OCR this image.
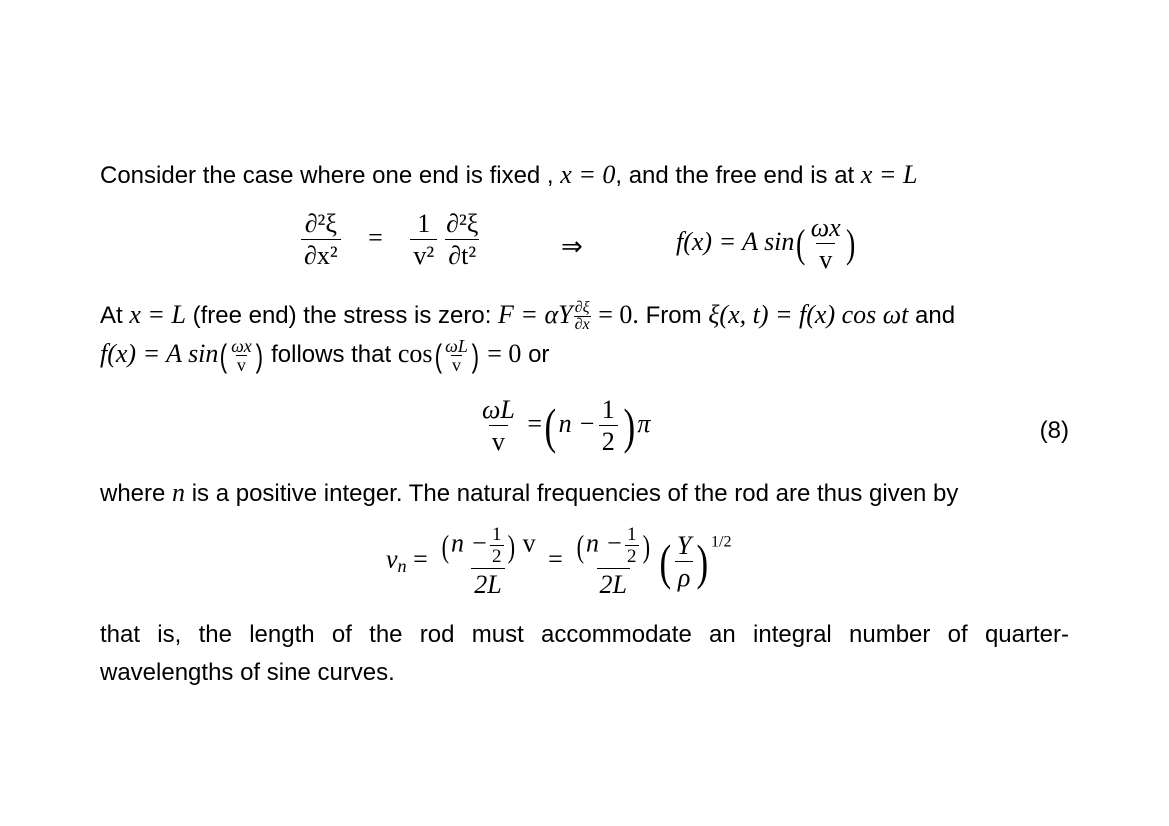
Consider the case where one end is fixed , x = 0, and the free end is at x = L
$\frac{\text{∂²ξ}}{\text{∂x²}} = \frac{1}{\text{v²}} \frac{\text{∂²ξ}}{\text{∂t²}}$	⇒	f(x) = A $\sin( \frac{\omega x}{v}$ )
At x = L (free end) the stress is zero: F = αY $\frac{\partial\xi}{\partial x} = 0$. From ξ(x, t) = f(x) cos ωt and
f(x) = A $\sin( \frac{\omega x}{v}$ ) follows that $\cos( \frac{\omega L}{v}$ ) = 0 or
$\frac{\omega L}{v} =(n - \frac{1}{2} )\pi$	(8)
where n is a positive integer. The natural frequencies of the rod are thus given by
$\nu_n = \frac{(n - \frac{1}{2} ) v}{2L} = \frac{(n - \frac{1}{2} )}{2L}$ ( $\frac{Y}{\rho}$ ) $^{1/2}$
that is, the length of the rod must accommodate an integral number of quarter-
wavelengths of sine curves.
